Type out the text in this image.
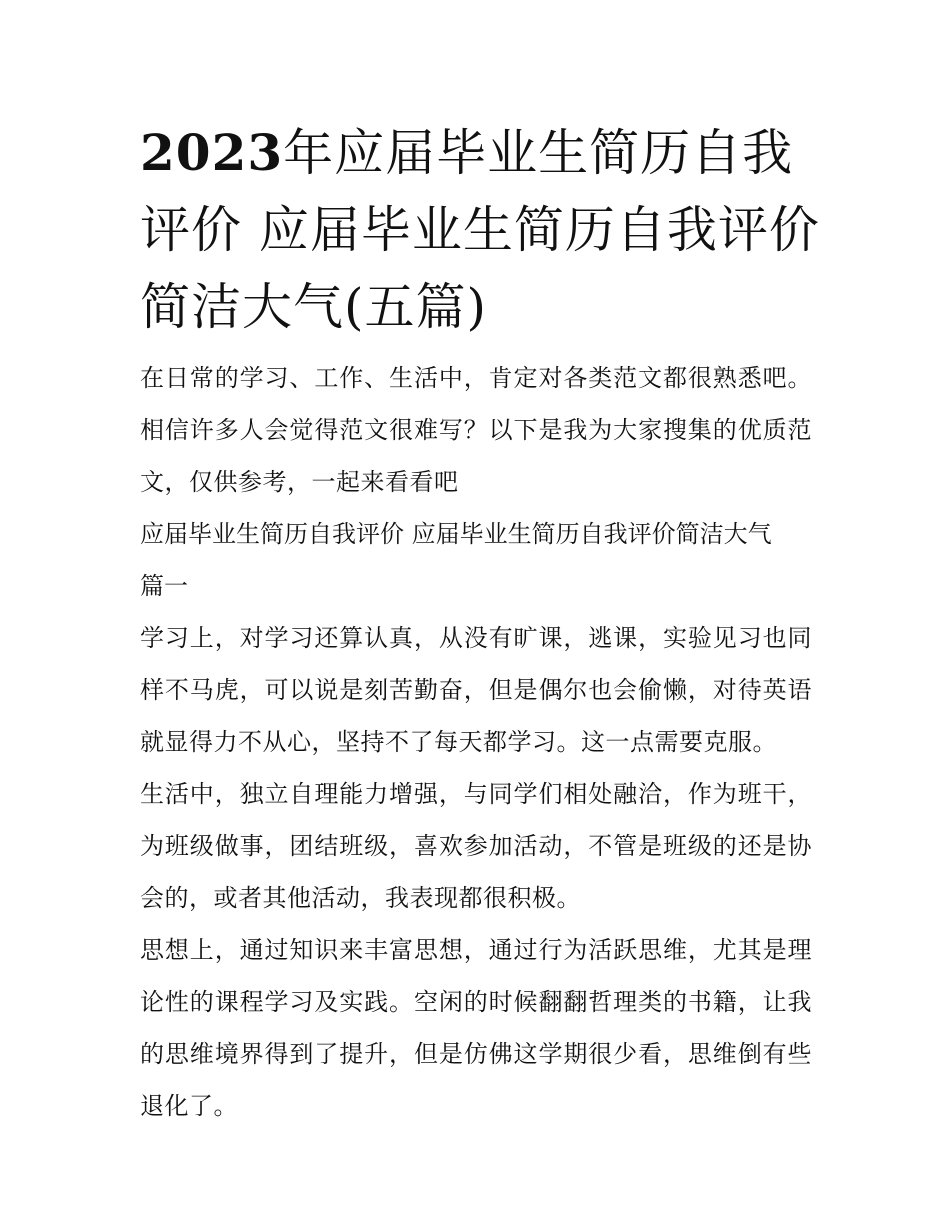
2023年应届毕业生简历自我评价 应届毕业生简历自我评价简洁大气(五篇)

在日常的学习、工作、生活中，肯定对各类范文都很熟悉吧。相信许多人会觉得范文很难写？以下是我为大家搜集的优质范文，仅供参考，一起来看看吧

应届毕业生简历自我评价 应届毕业生简历自我评价简洁大气

篇一

学习上，对学习还算认真，从没有旷课，逃课，实验见习也同样不马虎，可以说是刻苦勤奋，但是偶尔也会偷懒，对待英语就显得力不从心，坚持不了每天都学习。这一点需要克服。

生活中，独立自理能力增强，与同学们相处融洽，作为班干，为班级做事，团结班级，喜欢参加活动，不管是班级的还是协会的，或者其他活动，我表现都很积极。

思想上，通过知识来丰富思想，通过行为活跃思维，尤其是理论性的课程学习及实践。空闲的时候翻翻哲理类的书籍，让我的思维境界得到了提升，但是仿佛这学期很少看，思维倒有些退化了。
